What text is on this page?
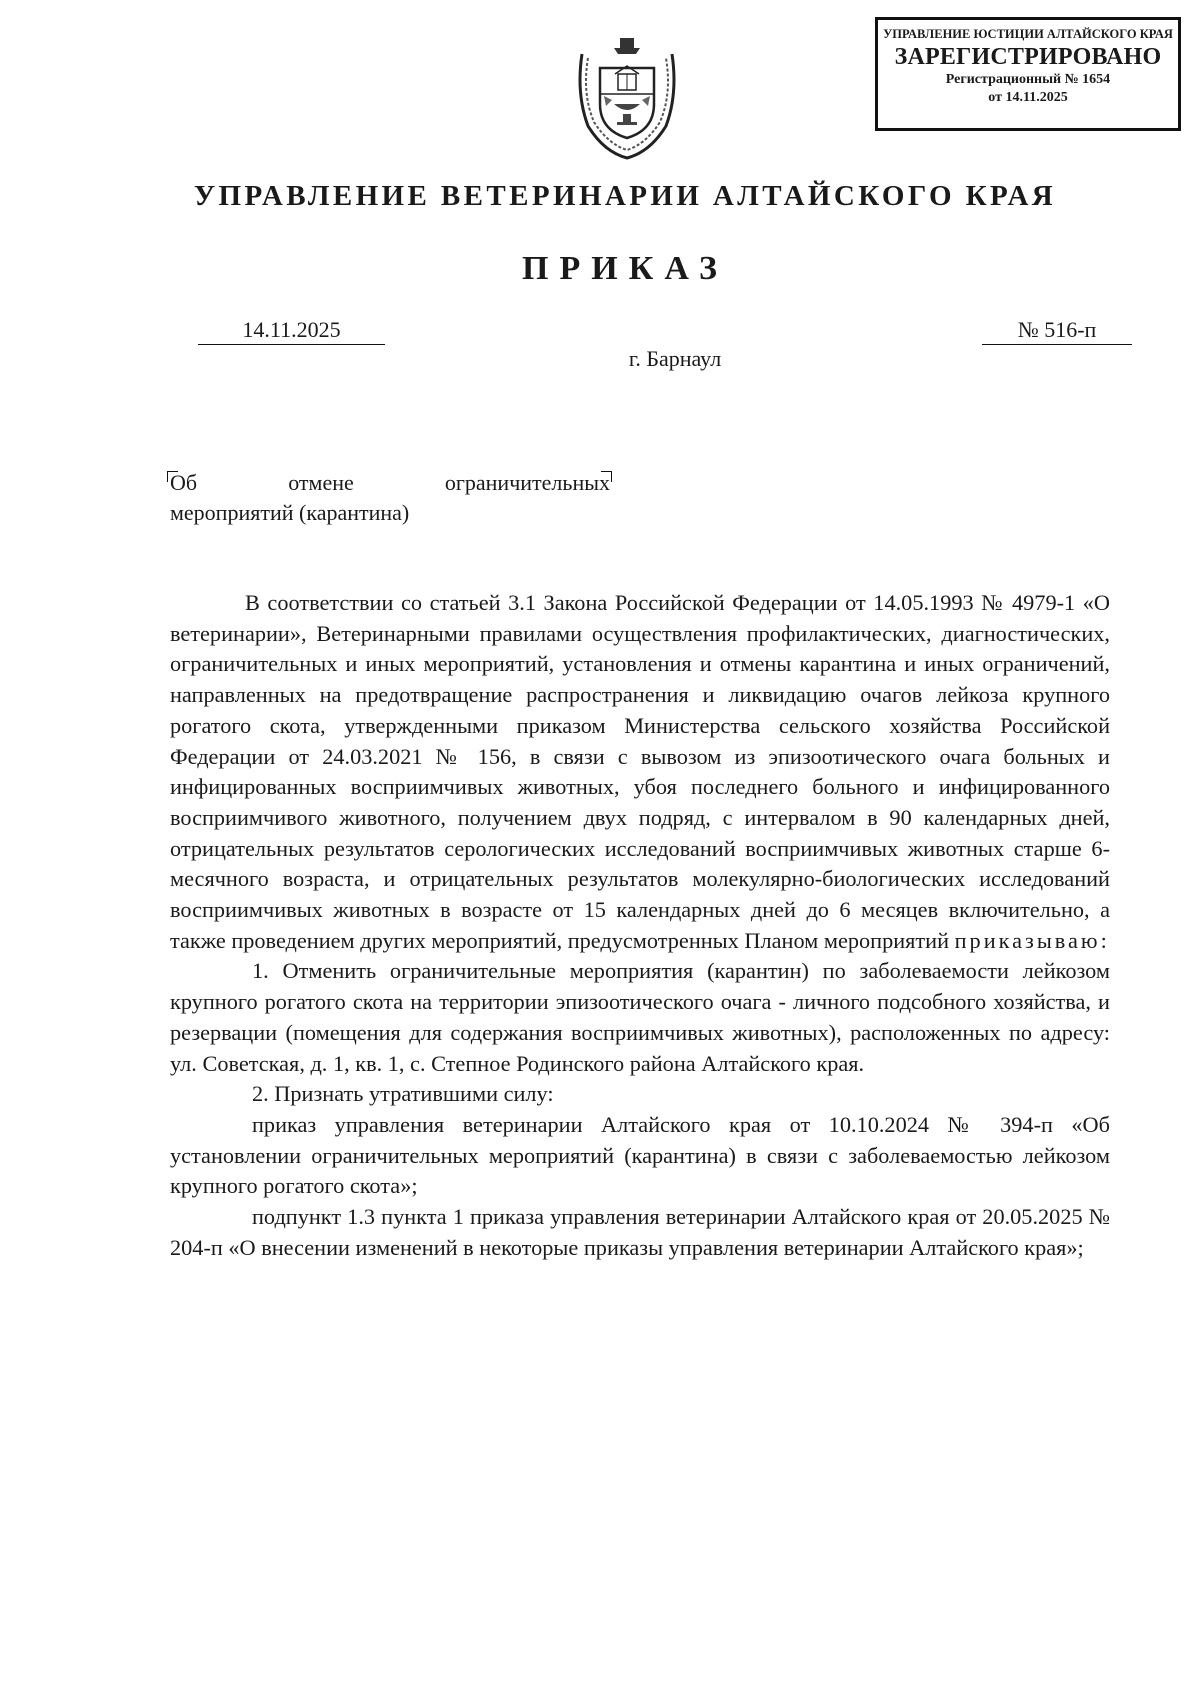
УПРАВЛЕНИЕ ЮСТИЦИИ АЛТАЙСКОГО КРАЯ
ЗАРЕГИСТРИРОВАНО
Регистрационный № 1654
от 14.11.2025
УПРАВЛЕНИЕ ВЕТЕРИНАРИИ АЛТАЙСКОГО КРАЯ
ПРИКАЗ
14.11.2025	№ 516-п
г. Барнаул
Об	отмене	ограничительных
мероприятий (карантина)

В соответствии со статьей 3.1 Закона Российской Федерации от 14.05.1993 № 4979-1 «О ветеринарии», Ветеринарными правилами осуществления профилактических, диагностических, ограничительных и иных мероприятий, установления и отмены карантина и иных ограничений, направленных на предотвращение распространения и ликвидацию очагов лейкоза крупного рогатого скота, утвержденными приказом Министерства сельского хозяйства Российской Федерации от 24.03.2021 № 156, в связи с вывозом из эпизоотического очага больных и инфицированных восприимчивых животных, убоя последнего больного и инфицированного восприимчивого животного, получением двух подряд, с интервалом в 90 календарных дней, отрицательных результатов серологических исследований восприимчивых животных старше 6-месячного возраста, и отрицательных результатов молекулярно-биологических исследований восприимчивых животных в возрасте от 15 календарных дней до 6 месяцев включительно, а также проведением других мероприятий, предусмотренных Планом мероприятий приказываю:

1. Отменить ограничительные мероприятия (карантин) по заболеваемости лейкозом крупного рогатого скота на территории эпизоотического очага - личного подсобного хозяйства, и резервации (помещения для содержания восприимчивых животных), расположенных по адресу: ул. Советская, д. 1, кв. 1, с. Степное Родинского района Алтайского края.

2. Признать утратившими силу:

приказ управления ветеринарии Алтайского края от 10.10.2024 № 394-п «Об установлении ограничительных мероприятий (карантина) в связи с заболеваемостью лейкозом крупного рогатого скота»;

подпункт 1.3 пункта 1 приказа управления ветеринарии Алтайского края от 20.05.2025 № 204-п «О внесении изменений в некоторые приказы управления ветеринарии Алтайского края»;
